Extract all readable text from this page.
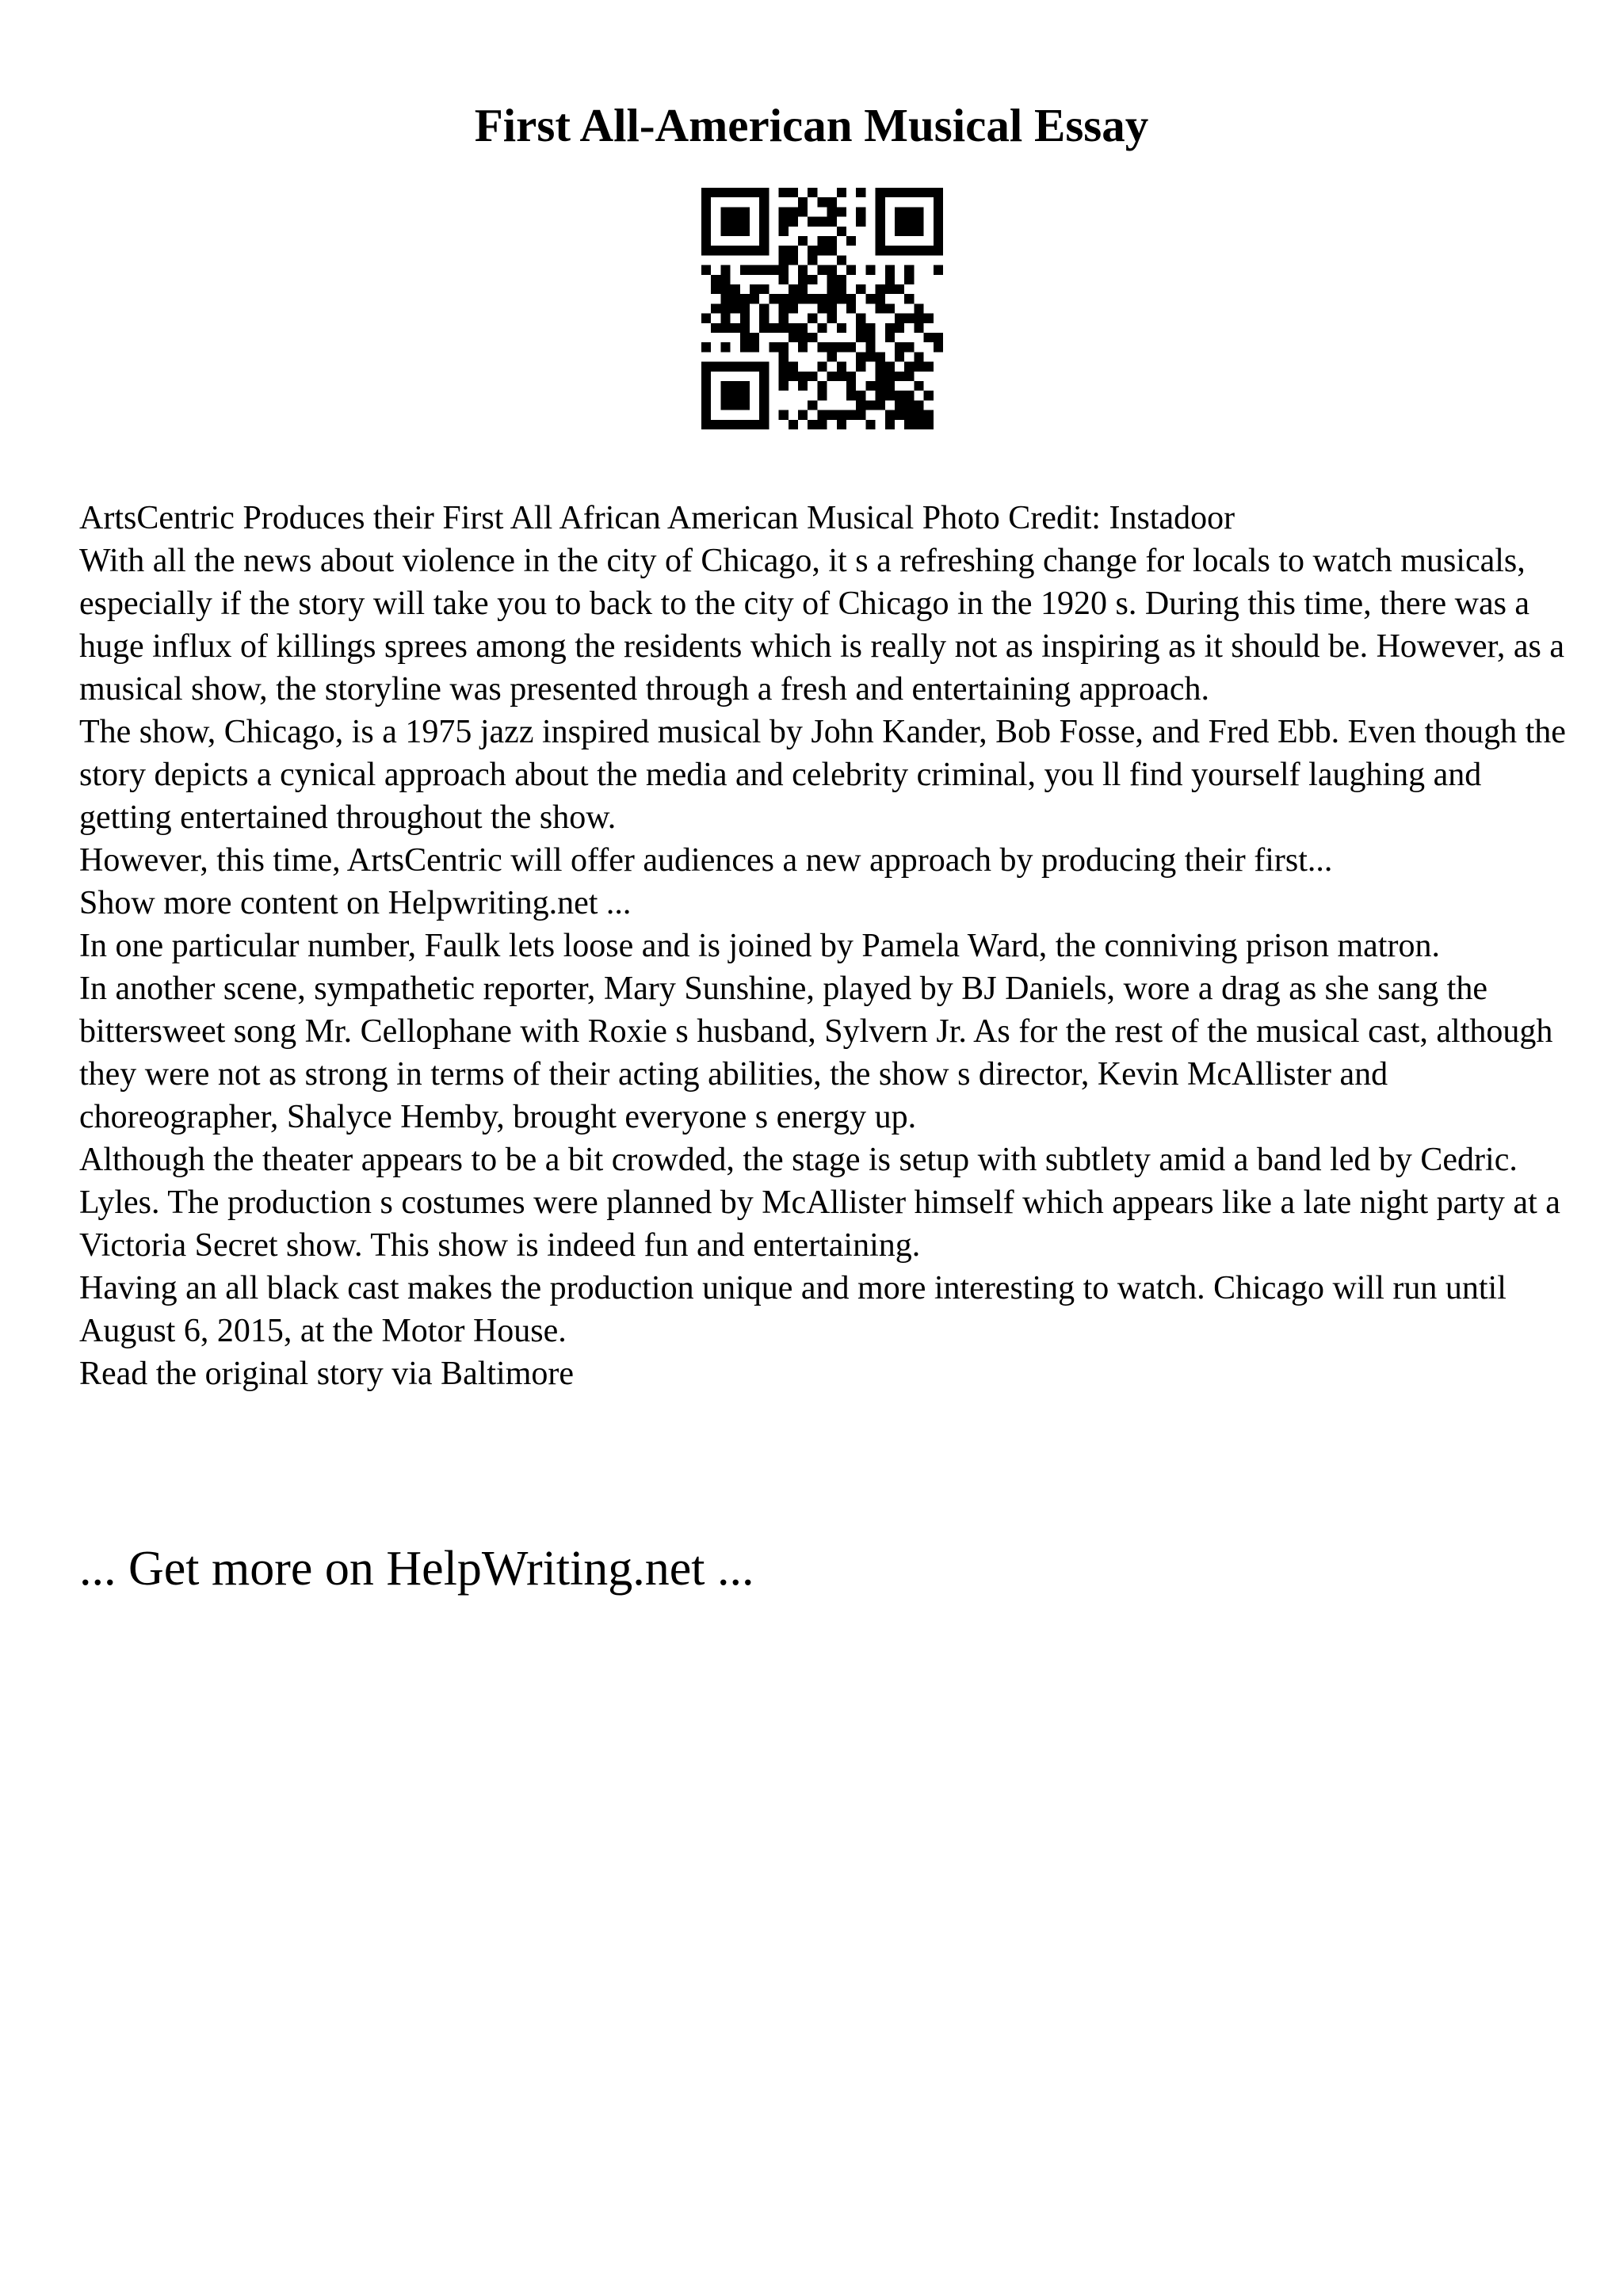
First All-American Musical Essay

ArtsCentric Produces their First All African American Musical Photo Credit: Instadoor

With all the news about violence in the city of Chicago, it s a refreshing change for locals to watch musicals, especially if the story will take you to back to the city of Chicago in the 1920 s. During this time, there was a huge influx of killings sprees among the residents which is really not as inspiring as it should be. However, as a musical show, the storyline was presented through a fresh and entertaining approach.

The show, Chicago, is a 1975 jazz inspired musical by John Kander, Bob Fosse, and Fred Ebb. Even though the story depicts a cynical approach about the media and celebrity criminal, you ll find yourself laughing and getting entertained throughout the show.

However, this time, ArtsCentric will offer audiences a new approach by producing their first...

Show more content on Helpwriting.net ...

In one particular number, Faulk lets loose and is joined by Pamela Ward, the conniving prison matron.

In another scene, sympathetic reporter, Mary Sunshine, played by BJ Daniels, wore a drag as she sang the bittersweet song Mr. Cellophane with Roxie s husband, Sylvern Jr. As for the rest of the musical cast, although they were not as strong in terms of their acting abilities, the show s director, Kevin McAllister and choreographer, Shalyce Hemby, brought everyone s energy up.

Although the theater appears to be a bit crowded, the stage is setup with subtlety amid a band led by Cedric. Lyles. The production s costumes were planned by McAllister himself which appears like a late night party at a Victoria Secret show. This show is indeed fun and entertaining.

Having an all black cast makes the production unique and more interesting to watch. Chicago will run until August 6, 2015, at the Motor House.

Read the original story via Baltimore

... Get more on HelpWriting.net ...
